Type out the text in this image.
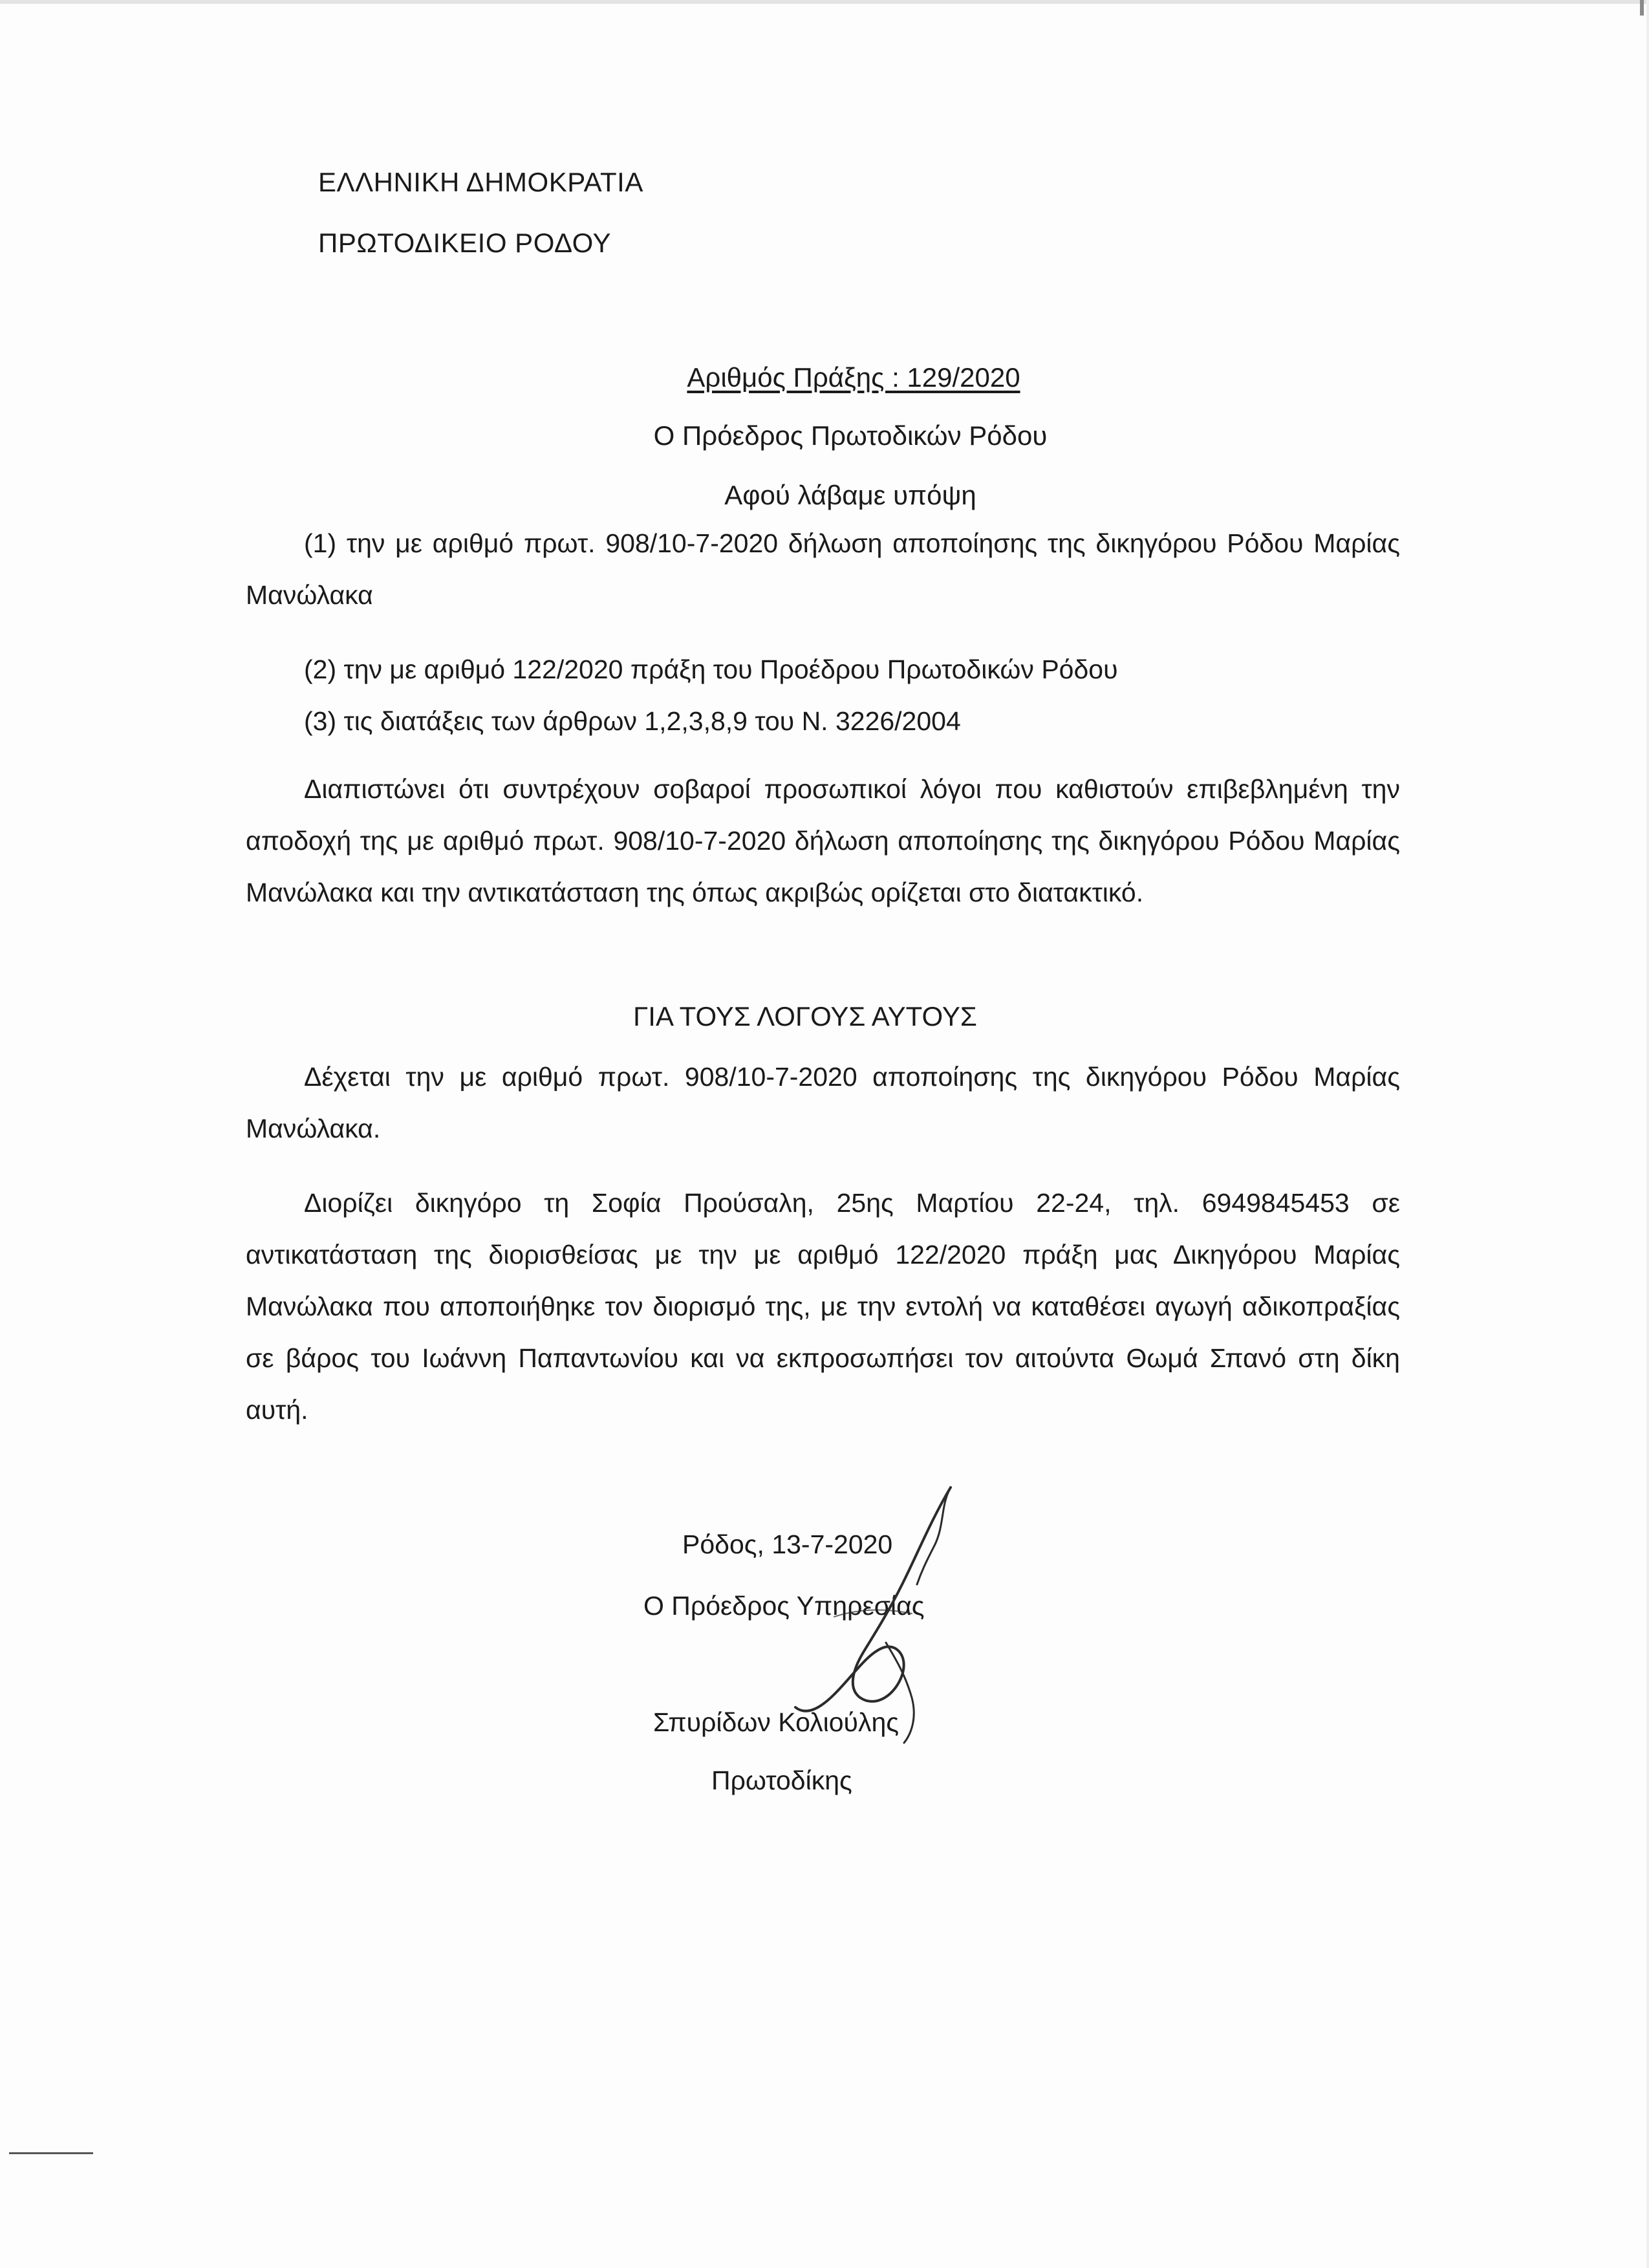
ΕΛΛΗΝΙΚΗ ΔΗΜΟΚΡΑΤΙΑ
ΠΡΩΤΟΔΙΚΕΙΟ ΡΟΔΟΥ
Αριθμός Πράξης : 129/2020
Ο Πρόεδρος Πρωτοδικών Ρόδου
Αφού λάβαμε υπόψη
(1) την με αριθμό πρωτ. 908/10-7-2020 δήλωση αποποίησης της δικηγόρου Ρόδου Μαρίας Μανώλακα
(2) την με αριθμό 122/2020 πράξη του Προέδρου Πρωτοδικών Ρόδου
(3) τις διατάξεις των άρθρων 1,2,3,8,9 του Ν. 3226/2004
Διαπιστώνει ότι συντρέχουν σοβαροί προσωπικοί λόγοι που καθιστούν επιβεβλημένη την αποδοχή της με αριθμό πρωτ. 908/10-7-2020 δήλωση αποποίησης της δικηγόρου Ρόδου Μαρίας Μανώλακα και την αντικατάσταση της όπως ακριβώς ορίζεται στο διατακτικό.
ΓΙΑ ΤΟΥΣ ΛΟΓΟΥΣ ΑΥΤΟΥΣ
Δέχεται την με αριθμό πρωτ. 908/10-7-2020 αποποίησης της δικηγόρου Ρόδου Μαρίας Μανώλακα.
Διορίζει δικηγόρο τη Σοφία Προύσαλη, 25ης Μαρτίου 22-24, τηλ. 6949845453 σε αντικατάσταση της διορισθείσας με την με αριθμό 122/2020 πράξη μας Δικηγόρου Μαρίας Μανώλακα που αποποιήθηκε τον διορισμό της, με την εντολή να καταθέσει αγωγή αδικοπραξίας σε βάρος του Ιωάννη Παπαντωνίου και να εκπροσωπήσει τον αιτούντα Θωμά Σπανό στη δίκη αυτή.
Ρόδος, 13-7-2020
Ο Πρόεδρος Υπηρεσίας
Σπυρίδων Κολιούλης
Πρωτοδίκης
